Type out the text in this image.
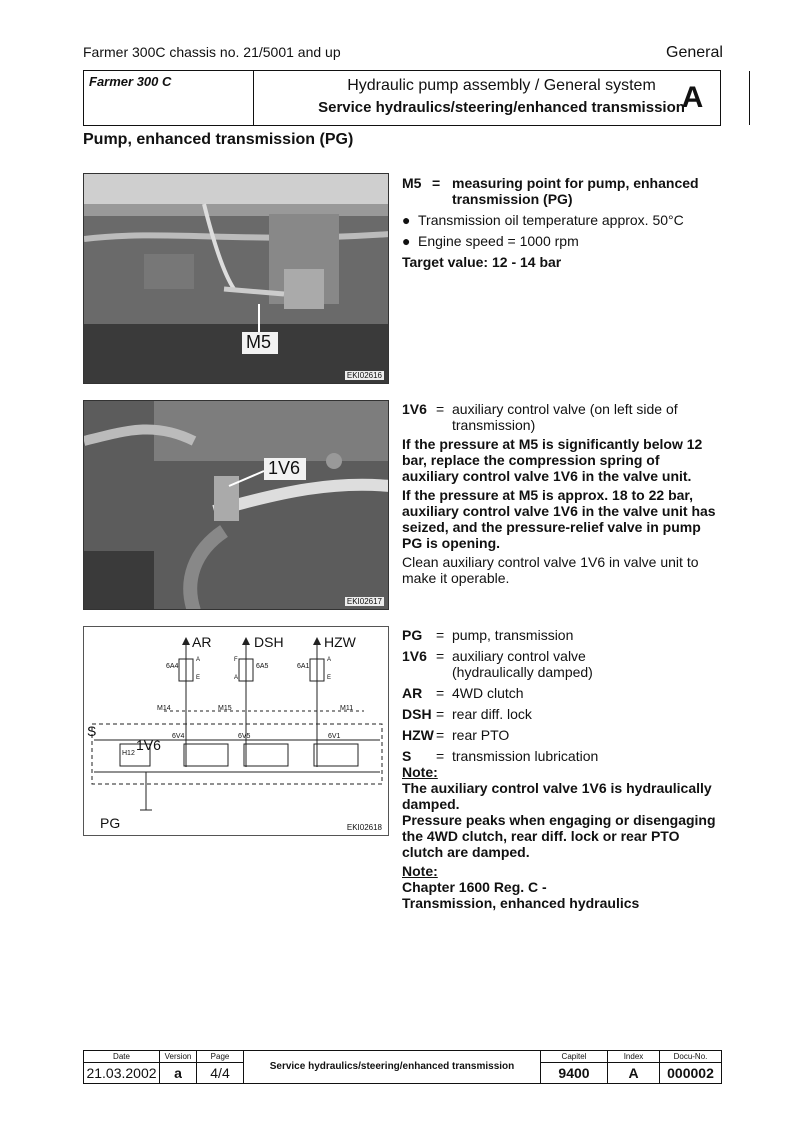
Farmer 300C chassis no. 21/5001 and up	General
Farmer 300 C	Hydraulic pump assembly / General system
Service hydraulics/steering/enhanced transmission
A
Pump, enhanced transmission (PG)
M5
EKI02616
M5 = measuring point for pump, enhanced transmission (PG)
● Transmission oil temperature approx. 50°C
● Engine speed = 1000 rpm
Target value: 12 - 14 bar
1V6
EKI02617
1V6 = auxiliary control valve (on left side of transmission)
If the pressure at M5 is significantly below 12 bar, replace the compression spring of auxiliary control valve 1V6 in the valve unit.
If the pressure at M5 is approx. 18 to 22 bar, auxiliary control valve 1V6 in the valve unit has seized, and the pressure-relief valve in pump PG is opening.
Clean auxiliary control valve 1V6 in valve unit to make it operable.
AR	DSH	HZW
6A4	6A5	6A1
A
E
F
A
A
E
M14	M15	M11
6V4	6V5	6V1
S
1V6
H12
PG	EKI02618
PG = pump, transmission
1V6 = auxiliary control valve (hydraulically damped)
AR = 4WD clutch
DSH = rear diff. lock
HZW = rear PTO
S	= transmission lubrication
Note:
The auxiliary control valve 1V6 is hydraulically damped.
Pressure peaks when engaging or disengaging the 4WD clutch, rear diff. lock or rear PTO clutch are damped.
Note:
Chapter 1600 Reg. C -
Transmission, enhanced hydraulics
Date
21.03.2002
Version
a
Page
4/4	Service hydraulics/steering/enhanced transmission
Capitel
9400
Index
A
Docu-No.
000002
